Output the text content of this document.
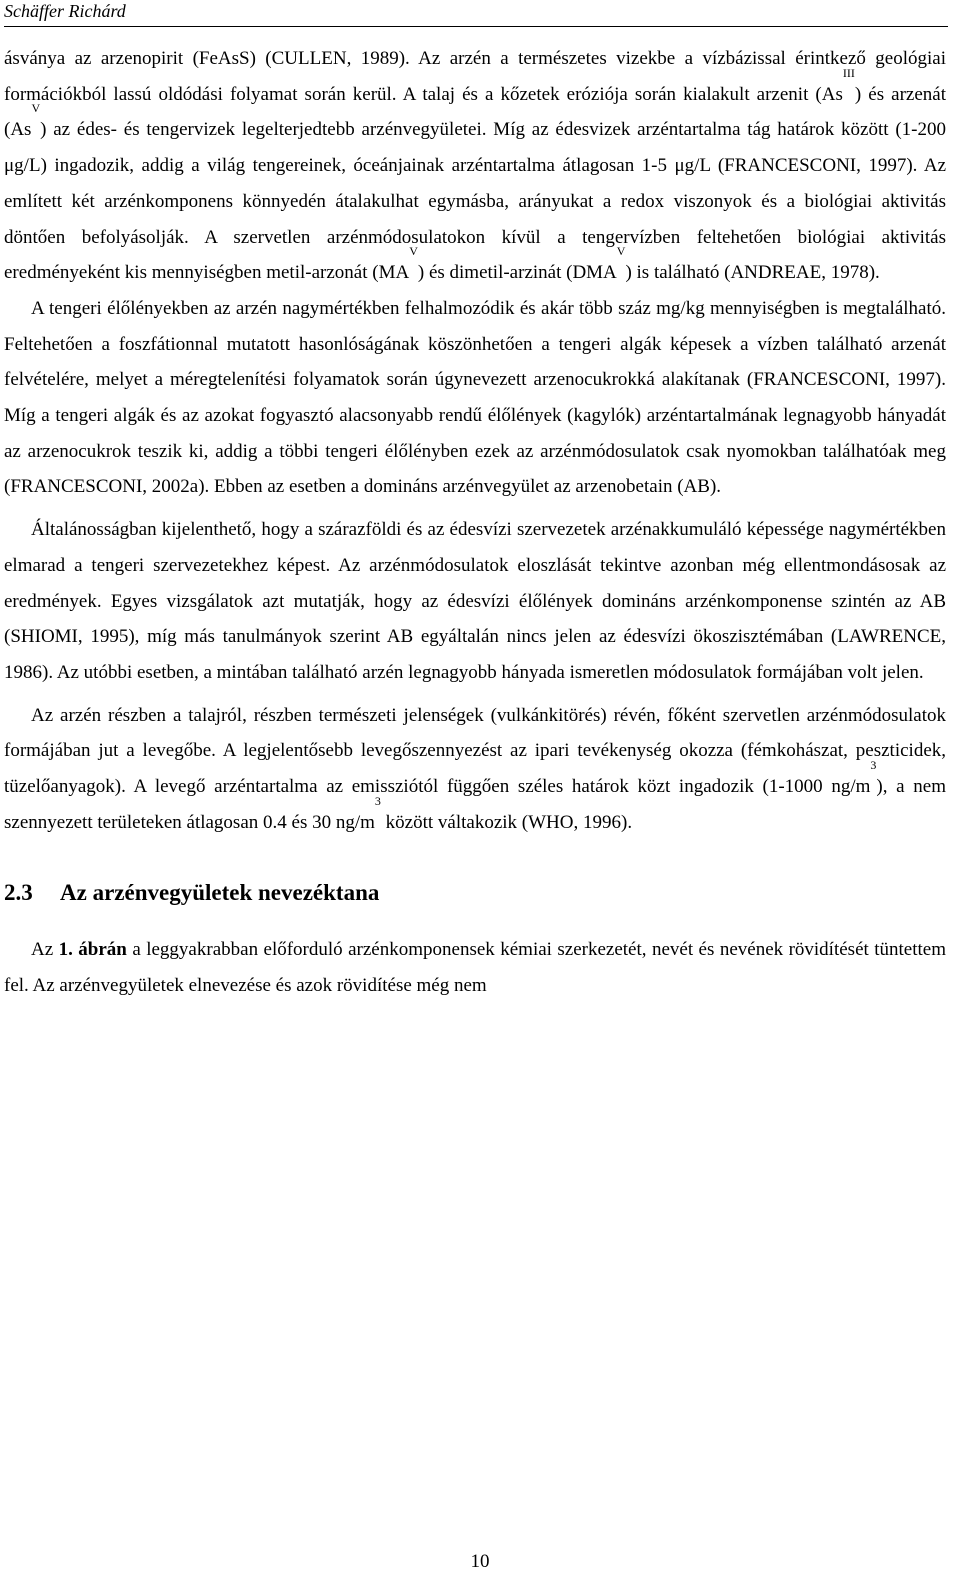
Schäffer Richárd

ásványa az arzenopirit (FeAsS) (CULLEN, 1989). Az arzén a természetes vizekbe a vízbázissal érintkező geológiai formációkból lassú oldódási folyamat során kerül. A talaj és a kőzetek eróziója során kialakult arzenit $(As^{III})$ és arzenát $(As^V)$ az édes- és tengervizek legelterjedtebb arzénvegyületei. Míg az édesvizek arzéntartalma tág határok között (1-200 μg/L) ingadozik, addig a világ tengereinek, óceánjainak arzéntartalma átlagosan 1-5 μg/L (FRANCESCONI, 1997). Az említett két arzénkomponens könnyedén átalakulhat egymásba, arányukat a redox viszonyok és a biológiai aktivitás döntően befolyásolják. A szervetlen arzénmódosulatokon kívül a tengervízben feltehetően biológiai aktivitás eredményeként kis mennyiségben metil-arzonát $(MA^V)$ és dimetil-arzinát $(DMA^V)$ is található (ANDREAE, 1978).

A tengeri élőlényekben az arzén nagymértékben felhalmozódik és akár több száz mg/kg mennyiségben is megtalálható. Feltehetően a foszfátionnal mutatott hasonlóságának köszönhetően a tengeri algák képesek a vízben található arzenát felvételére, melyet a méregtelenítési folyamatok során úgynevezett arzenocukrokká alakítanak (FRANCESCONI, 1997). Míg a tengeri algák és az azokat fogyasztó alacsonyabb rendű élőlények (kagylók) arzéntartalmának legnagyobb hányadát az arzenocukrok teszik ki, addig a többi tengeri élőlényben ezek az arzénmódosulatok csak nyomokban találhatóak meg (FRANCESCONI, 2002a). Ebben az esetben a domináns arzénvegyület az arzenobetain (AB).

Általánosságban kijelenthető, hogy a szárazföldi és az édesvízi szervezetek arzénakkumuláló képessége nagymértékben elmarad a tengeri szervezetekhez képest. Az arzénmódosulatok eloszlását tekintve azonban még ellentmondásosak az eredmények. Egyes vizsgálatok azt mutatják, hogy az édesvízi élőlények domináns arzénkomponense szintén az AB (SHIOMI, 1995), míg más tanulmányok szerint AB egyáltalán nincs jelen az édesvízi ökoszisztémában (LAWRENCE, 1986). Az utóbbi esetben, a mintában található arzén legnagyobb hányada ismeretlen módosulatok formájában volt jelen.

Az arzén részben a talajról, részben természeti jelenségek (vulkánkitörés) révén, főként szervetlen arzénmódosulatok formájában jut a levegőbe. A legjelentősebb levegőszennyezést az ipari tevékenység okozza (fémkohászat, peszticidek, tüzelőanyagok). A levegő arzéntartalma az emissziótól függően széles határok közt ingadozik (1-1000 $ng/m^3$), a nem szennyezett területeken átlagosan 0.4 és 30 $ng/m^3$ között váltakozik (WHO, 1996).

2.3 Az arzénvegyületek nevezéktana

Az 1. ábrán a leggyakrabban előforduló arzénkomponensek kémiai szerkezetét, nevét és nevének rövidítését tüntettem fel. Az arzénvegyületek elnevezése és azok rövidítése még nem

10
